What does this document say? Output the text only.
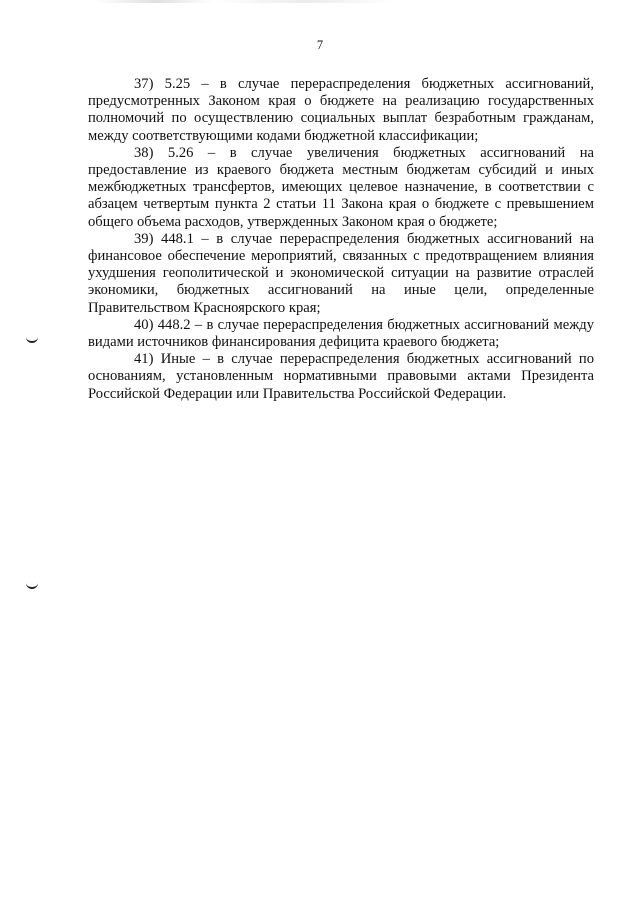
7

37) 5.25 – в случае перераспределения бюджетных ассигнований, предусмотренных Законом края о бюджете на реализацию государственных полномочий по осуществлению социальных выплат безработным гражданам, между соответствующими кодами бюджетной классификации;

38) 5.26 – в случае увеличения бюджетных ассигнований на предоставление из краевого бюджета местным бюджетам субсидий и иных межбюджетных трансфертов, имеющих целевое назначение, в соответствии с абзацем четвертым пункта 2 статьи 11 Закона края о бюджете с превышением общего объема расходов, утвержденных Законом края о бюджете;

39) 448.1 – в случае перераспределения бюджетных ассигнований на финансовое обеспечение мероприятий, связанных с предотвращением влияния ухудшения геополитической и экономической ситуации на развитие отраслей экономики, бюджетных ассигнований на иные цели, определенные Правительством Красноярского края;

40) 448.2 – в случае перераспределения бюджетных ассигнований между видами источников финансирования дефицита краевого бюджета;

41) Иные – в случае перераспределения бюджетных ассигнований по основаниям, установленным нормативными правовыми актами Президента Российской Федерации или Правительства Российской Федерации.
